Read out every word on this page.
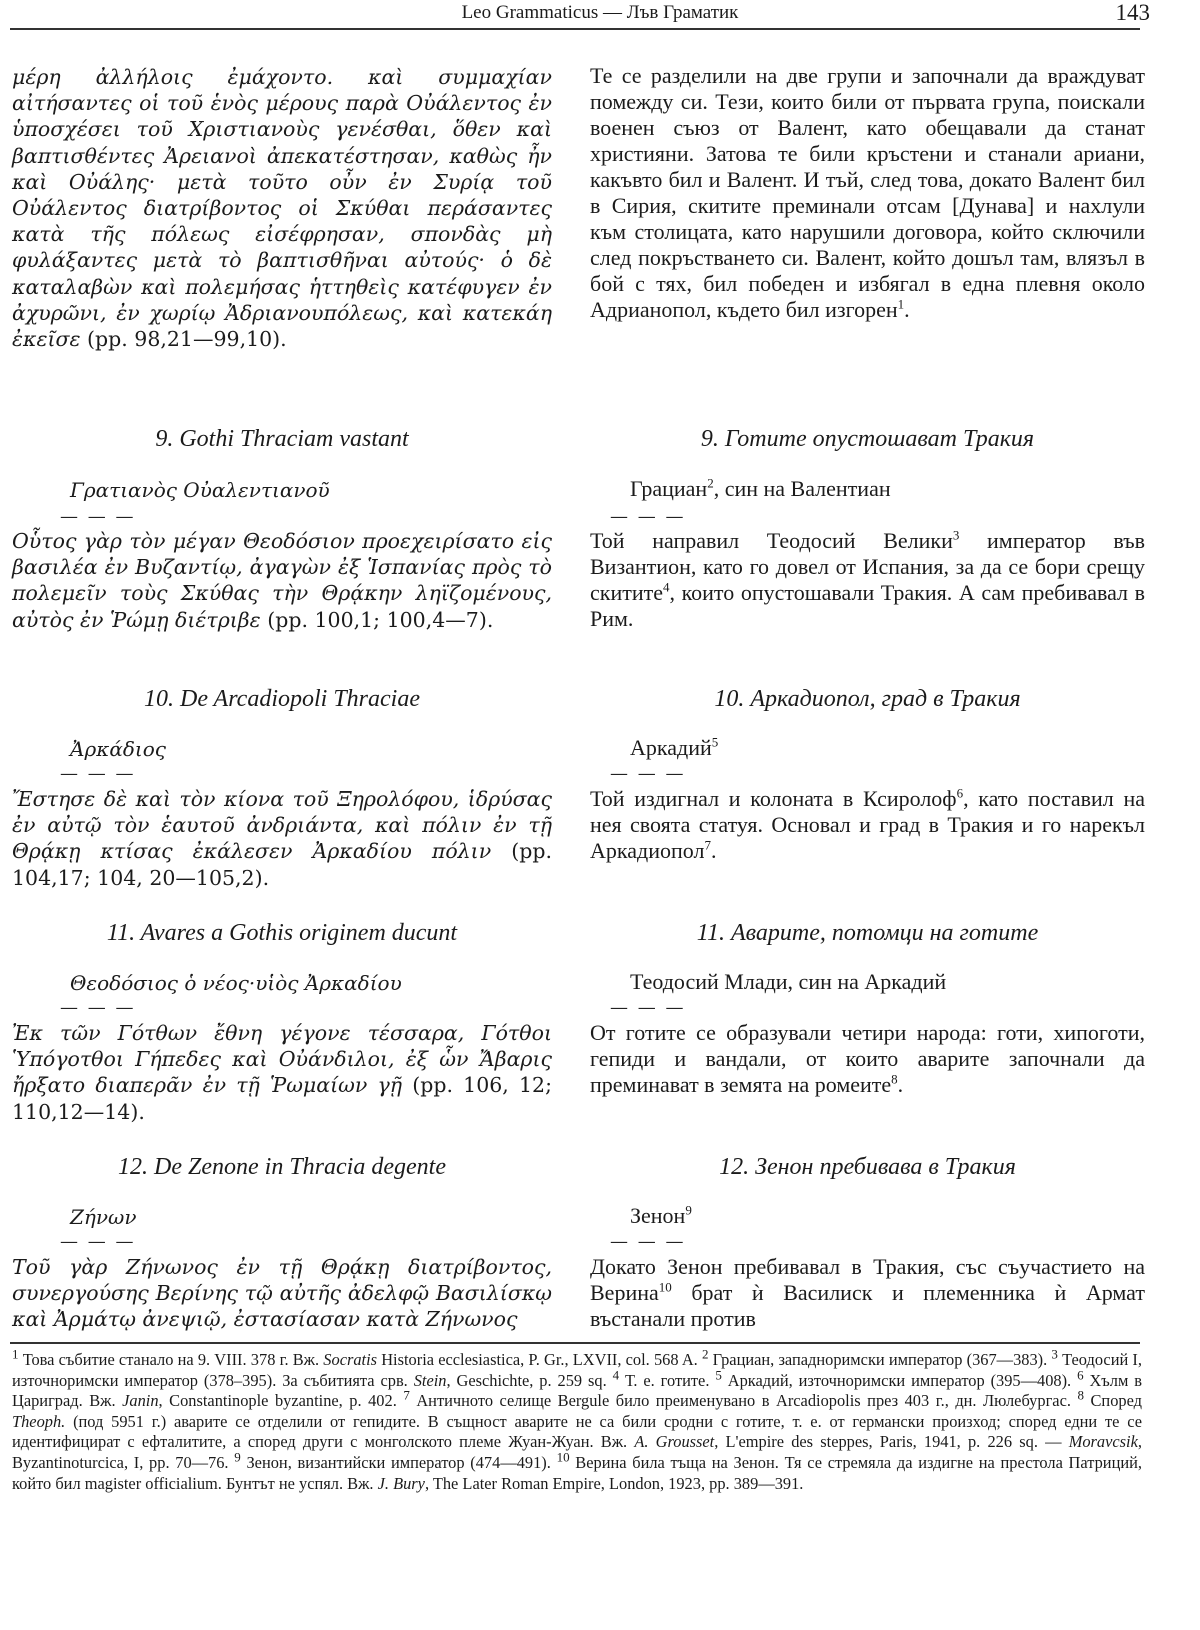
Leo Grammaticus — Лъв Граматик	143

μέρη ἀλλήλοις ἐμάχοντο. καὶ συμμαχίαν αἰτήσαντες οἱ τοῦ ἑνὸς μέρους παρὰ Οὐάλεντος ἐν ὑποσχέσει τοῦ Χριστιανοὺς γενέσθαι, ὅθεν καὶ βαπτισθέντες Ἀρειανοὶ ἀπεκατέστησαν, καθὼς ἦν καὶ Οὐάλης· μετὰ τοῦτο οὖν ἐν Συρίᾳ τοῦ Οὐάλεντος διατρίβοντος οἱ Σκύθαι περάσαντες κατὰ τῆς πόλεως εἰσέφρησαν, σπονδὰς μὴ φυλάξαντες μετὰ τὸ βαπτισθῆναι αὐτούς· ὁ δὲ καταλαβὼν καὶ πολεμήσας ἡττηθεὶς κατέφυγεν ἐν ἀχυρῶνι, ἐν χωρίῳ Ἀδριανουπόλεως, καὶ κατεκάη ἐκεῖσε (pp. 98,21—99,10).

Те се разделили на две групи и започнали да враждуват помежду си. Тези, които били от първата група, поискали военен съюз от Валент, като обещавали да станат християни. Затова те били кръстени и станали ариани, какъвто бил и Валент. И тъй, след това, докато Валент бил в Сирия, скитите преминали отсам [Дунава] и нахлули към столицата, като нарушили договора, който сключили след покръстването си. Валент, който дошъл там, влязъл в бой с тях, бил победен и избягал в една плевня около Адрианопол, където бил изгорен$^1$.

9. Gothi Thraciam vastant	9. Готите опустошават Тракия
Γρατιανὸς Οὐαλεντιανοῦ	Грациан$^2$, син на Валентиан
— — —	— — —

Οὗτος γὰρ τὸν μέγαν Θεοδόσιον προεχειρίσατο εἰς βασιλέα ἐν Βυζαντίῳ, ἀγαγὼν ἐξ Ἱσπανίας πρὸς τὸ πολεμεῖν τοὺς Σκύθας τὴν Θρᾴκην ληϊζομένους, αὐτὸς ἐν Ῥώμῃ διέτριβε (pp. 100,1; 100,4—7).

Той направил Теодосий Велики$^3$ император във Византион, като го довел от Испания, за да се бори срещу скитите$^4$, които опустошавали Тракия. А сам пребивавал в Рим.

10. De Arcadiopoli Thraciae	10. Аркадиопол, град в Тракия
Ἀρκάδιος	Аркадий$^5$
— — —	— — —

Ἔστησε δὲ καὶ τὸν κίονα τοῦ Ξηρολόφου, ἱδρύσας ἐν αὐτῷ τὸν ἑαυτοῦ ἀνδριάντα, καὶ πόλιν ἐν τῇ Θρᾴκῃ κτίσας ἐκάλεσεν Ἀρκαδίου πόλιν (pp. 104,17; 104, 20—105,2).

Той издигнал и колоната в Ксиролоф$^6$, като поставил на нея своята статуя. Основал и град в Тракия и го нарекъл Аркадиопол$^7$.

11. Avares a Gothis originem ducunt	11. Аварите, потомци на готите
Θεοδόσιος ὁ νέος·υἱὸς Ἀρκαδίου	Теодосий Млади, син на Аркадий
— — —	— — —

Ἐκ τῶν Γότθων ἔθνη γέγονε τέσσαρα, Γότθοι Ὑπόγοτθοι Γήπεδες καὶ Οὐάνδιλοι, ἐξ ὧν Ἄβαρις ἤρξατο διαπερᾶν ἐν τῇ Ῥωμαίων γῇ (pp. 106, 12; 110,12—14).

От готите се образували четири народа: готи, хипоготи, гепиди и вандали, от които аварите започнали да преминават в земята на ромеите$^8$.

12. De Zenone in Thracia degente	12. Зенон пребивава в Тракия
Ζήνων	Зенон$^9$
— — —	— — —

Τοῦ γὰρ Ζήνωνος ἐν τῇ Θρᾴκῃ διατρίβοντος, συνεργούσης Βερίνης τῷ αὐτῆς ἀδελφῷ Βασιλίσκῳ καὶ Ἀρμάτῳ ἀνεψιῷ, ἐστασίασαν κατὰ Ζήνωνος

Докато Зенон пребивавал в Тракия, със съучастието на Верина$^{10}$ брат ѝ Василиск и племенника ѝ Армат въстанали против

$^1$ Това събитие станало на 9. VIII. 378 г. Вж. Socratis Historia ecclesiastica, P. Gr., LXVII, col. 568 A. $^2$ Грациан, западноримски император (367—383). $^3$ Теодосий I, източноримски император (378–395). За събитията срв. Stein, Geschichte, p. 259 sq. $^4$ Т. е. готите. $^5$ Аркадий, източноримски император (395—408). $^6$ Хълм в Цариград. Вж. Janin, Constantinople byzantine, p. 402. $^7$ Античното селище Bergule било преименувано в Arcadiopolis през 403 г., дн. Люлебургас. $^8$ Според Theoph. (под 5951 г.) аварите се отделили от гепидите. В същност аварите не са били сродни с готите, т. е. от германски произход; според едни те се идентифицират с ефталитите, а според други с монголското племе Жуан-Жуан. Вж. A. Grousset, L'empire des steppes, Paris, 1941, p. 226 sq. — Moravcsik, Byzantinoturcica, I, pp. 70—76. $^9$ Зенон, византийски император (474—491). $^{10}$ Верина била тъща на Зенон. Тя се стремяла да издигне на престола Патриций, който бил magister officialium. Бунтът не успял. Вж. J. Bury, The Later Roman Empire, London, 1923, pp. 389—391.
